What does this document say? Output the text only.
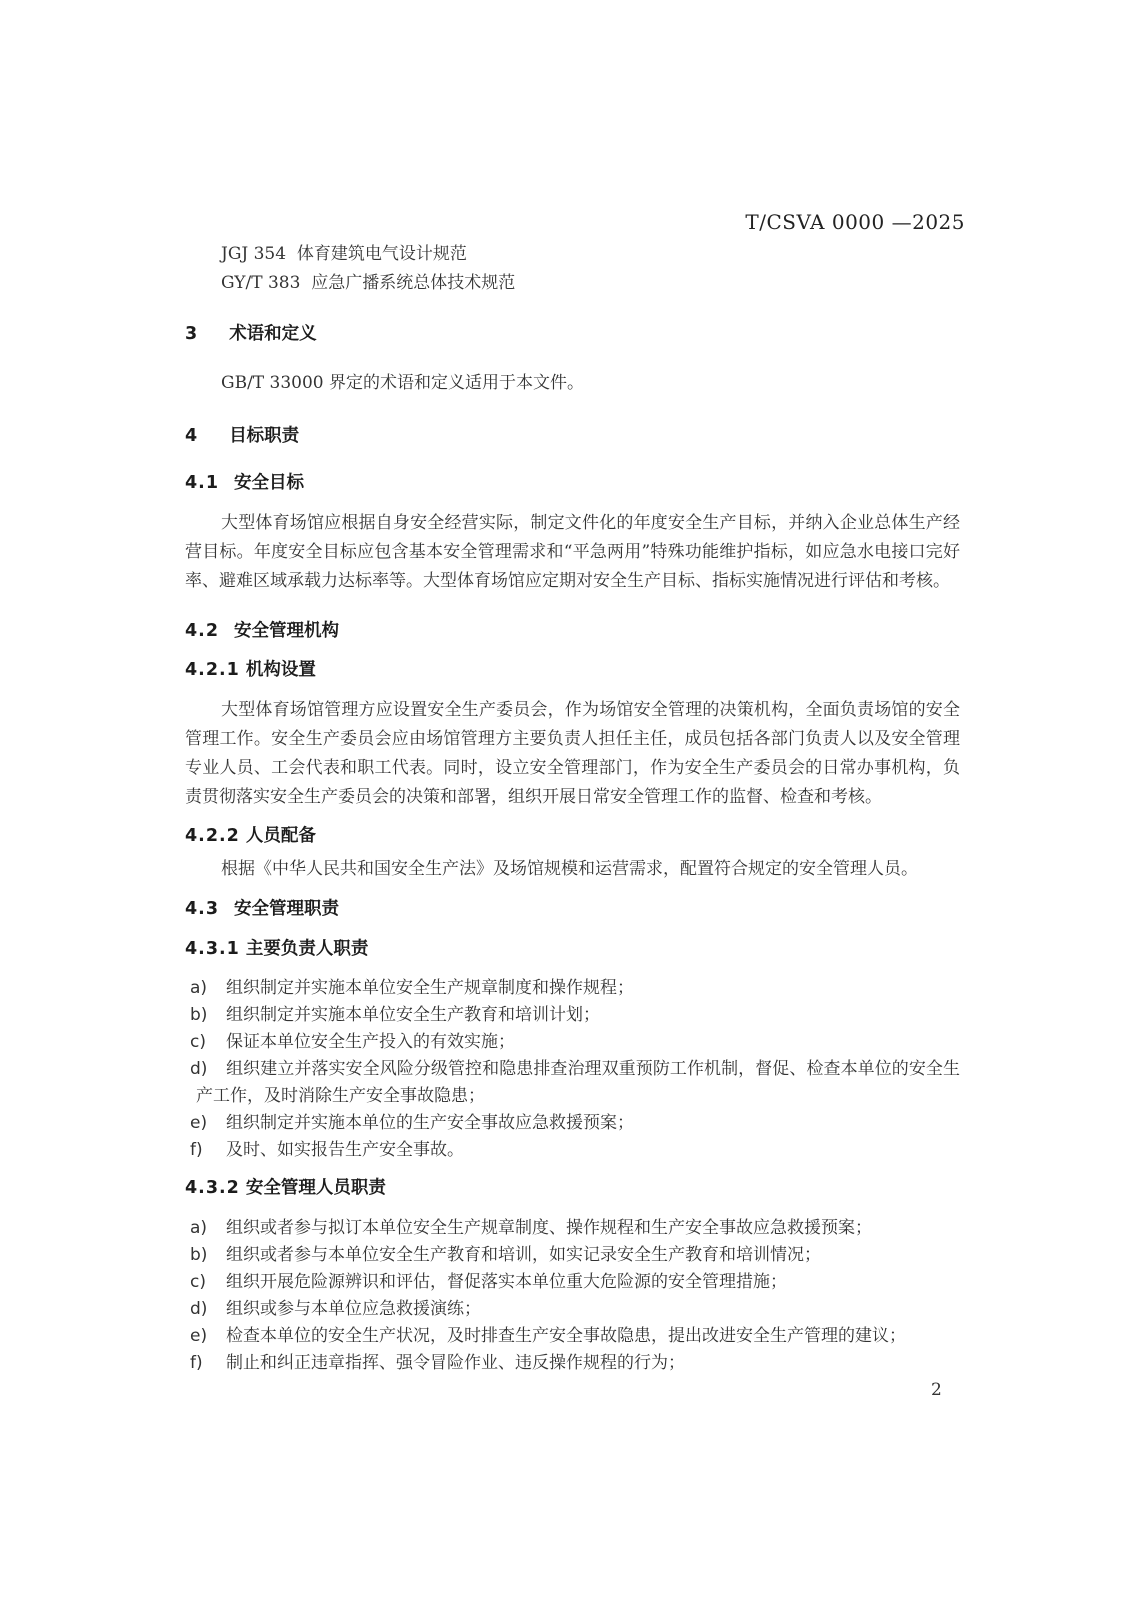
T/CSVA 0000 —2025

JGJ 354  体育建筑电气设计规范

GY/T 383  应急广播系统总体技术规范

3 术语和定义

GB/T 33000 界定的术语和定义适用于本文件。

4 目标职责
4.1 安全目标

大型体育场馆应根据自身安全经营实际，制定文件化的年度安全生产目标，并纳入企业总体生产经营目标。年度安全目标应包含基本安全管理需求和“平急两用”特殊功能维护指标，如应急水电接口完好率、避难区域承载力达标率等。大型体育场馆应定期对安全生产目标、指标实施情况进行评估和考核。

4.2 安全管理机构
4.2.1 机构设置

大型体育场馆管理方应设置安全生产委员会，作为场馆安全管理的决策机构，全面负责场馆的安全管理工作。安全生产委员会应由场馆管理方主要负责人担任主任，成员包括各部门负责人以及安全管理专业人员、工会代表和职工代表。同时，设立安全管理部门，作为安全生产委员会的日常办事机构，负责贯彻落实安全生产委员会的决策和部署，组织开展日常安全管理工作的监督、检查和考核。

4.2.2 人员配备

根据《中华人民共和国安全生产法》及场馆规模和运营需求，配置符合规定的安全管理人员。

4.3 安全管理职责
4.3.1 主要负责人职责
a) 组织制定并实施本单位安全生产规章制度和操作规程；
b) 组织制定并实施本单位安全生产教育和培训计划；
c) 保证本单位安全生产投入的有效实施；
d) 组织建立并落实安全风险分级管控和隐患排查治理双重预防工作机制，督促、检查本单位的安全生产工作，及时消除生产安全事故隐患；
e) 组织制定并实施本单位的生产安全事故应急救援预案；
f) 及时、如实报告生产安全事故。
4.3.2 安全管理人员职责
a) 组织或者参与拟订本单位安全生产规章制度、操作规程和生产安全事故应急救援预案；
b) 组织或者参与本单位安全生产教育和培训，如实记录安全生产教育和培训情况；
c) 组织开展危险源辨识和评估，督促落实本单位重大危险源的安全管理措施；
d) 组织或参与本单位应急救援演练；
e) 检查本单位的安全生产状况，及时排查生产安全事故隐患，提出改进安全生产管理的建议；
f) 制止和纠正违章指挥、强令冒险作业、违反操作规程的行为；
2
